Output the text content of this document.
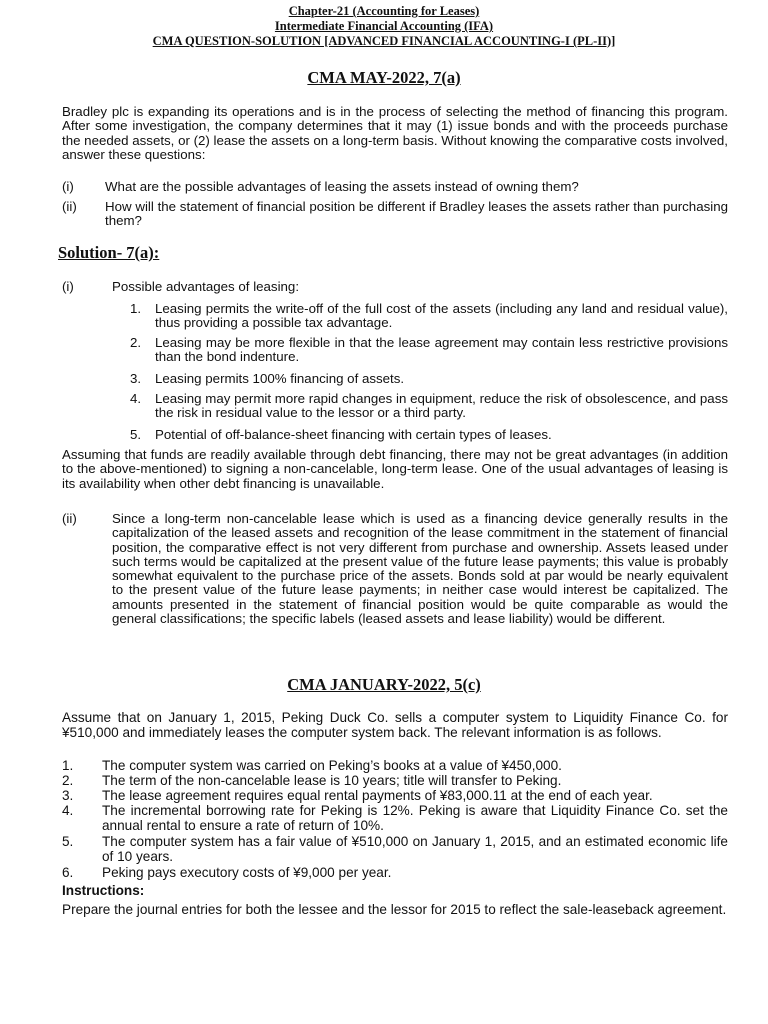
Chapter-21 (Accounting for Leases)
Intermediate Financial Accounting (IFA)
CMA QUESTION-SOLUTION [ADVANCED FINANCIAL ACCOUNTING-I (PL-II)]
CMA MAY-2022, 7(a)
Bradley plc is expanding its operations and is in the process of selecting the method of financing this program. After some investigation, the company determines that it may (1) issue bonds and with the proceeds purchase the needed assets, or (2) lease the assets on a long-term basis. Without knowing the comparative costs involved, answer these questions:
(i) What are the possible advantages of leasing the assets instead of owning them?
(ii) How will the statement of financial position be different if Bradley leases the assets rather than purchasing them?
Solution- 7(a):
(i)	Possible advantages of leasing:
1. Leasing permits the write-off of the full cost of the assets (including any land and residual value), thus providing a possible tax advantage.
2. Leasing may be more flexible in that the lease agreement may contain less restrictive provisions than the bond indenture.
3. Leasing permits 100% financing of assets.
4. Leasing may permit more rapid changes in equipment, reduce the risk of obsolescence, and pass the risk in residual value to the lessor or a third party.
5. Potential of off-balance-sheet financing with certain types of leases.
Assuming that funds are readily available through debt financing, there may not be great advantages (in addition to the above-mentioned) to signing a non-cancelable, long-term lease. One of the usual advantages of leasing is its availability when other debt financing is unavailable.
(ii)	Since a long-term non-cancelable lease which is used as a financing device generally results in the capitalization of the leased assets and recognition of the lease commitment in the statement of financial position, the comparative effect is not very different from purchase and ownership. Assets leased under such terms would be capitalized at the present value of the future lease payments; this value is probably somewhat equivalent to the purchase price of the assets. Bonds sold at par would be nearly equivalent to the present value of the future lease payments; in neither case would interest be capitalized. The amounts presented in the statement of financial position would be quite comparable as would the general classifications; the specific labels (leased assets and lease liability) would be different.
CMA JANUARY-2022, 5(c)
Assume that on January 1, 2015, Peking Duck Co. sells a computer system to Liquidity Finance Co. for ¥510,000 and immediately leases the computer system back. The relevant information is as follows.
1. The computer system was carried on Peking’s books at a value of ¥450,000.
2. The term of the non-cancelable lease is 10 years; title will transfer to Peking.
3. The lease agreement requires equal rental payments of ¥83,000.11 at the end of each year.
4. The incremental borrowing rate for Peking is 12%. Peking is aware that Liquidity Finance Co. set the annual rental to ensure a rate of return of 10%.
5. The computer system has a fair value of ¥510,000 on January 1, 2015, and an estimated economic life of 10 years.
6. Peking pays executory costs of ¥9,000 per year.
Instructions:
Prepare the journal entries for both the lessee and the lessor for 2015 to reflect the sale-leaseback agreement.
